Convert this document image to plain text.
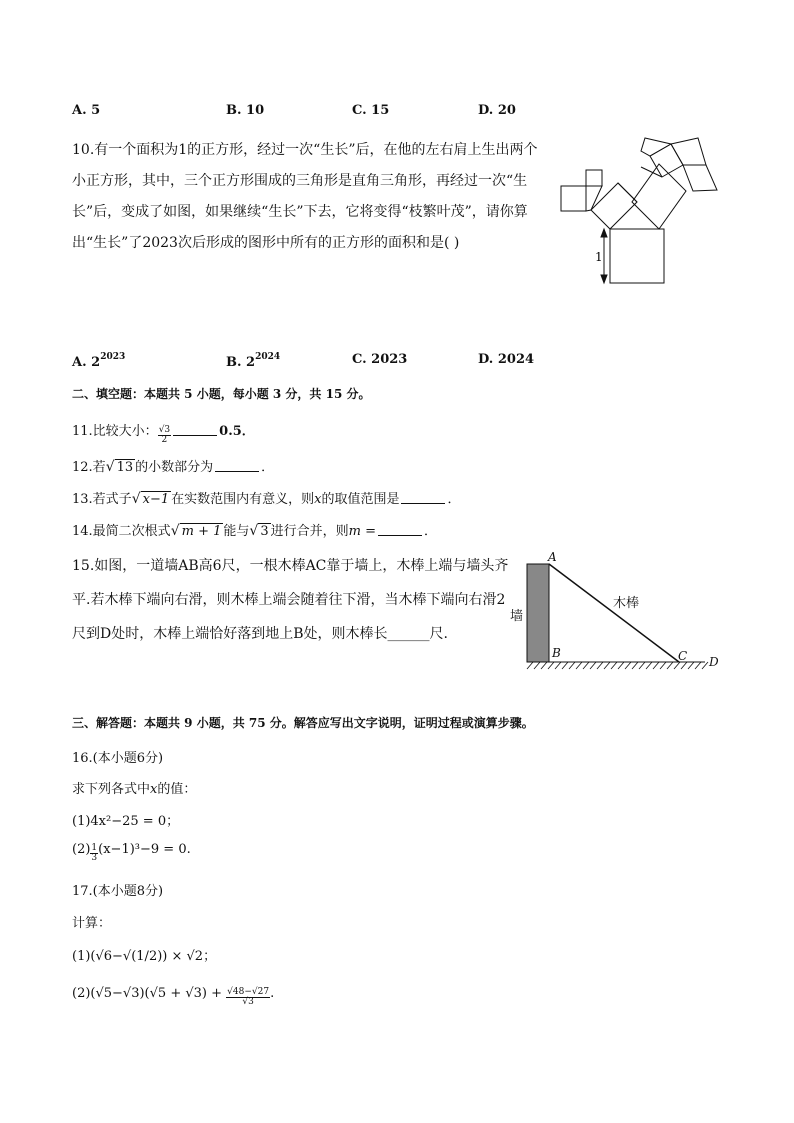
A. 5	B. 10	C. 15	D. 20
10.有一个面积为1的正方形，经过一次“生长”后，在他的左右肩上生出两个小正方形，其中，三个正方形围成的三角形是直角三角形，再经过一次“生长”后，变成了如图，如果继续“生长”下去，它将变得“枝繁叶茂”，请你算出“生长”了2023次后形成的图形中所有的正方形的面积和是( )
1
A. $2^{2023}$	B. $2^{2024}$	C. 2023	D. 2024
二、填空题：本题共 5 小题，每小题 3 分，共 15 分。
11.比较大小： $\frac{√3}{2}$	0.5．
12.若√ 13 的小数部分为	．
13.若式子√ x−1 在实数范围内有意义，则x的取值范围是	．
14.最简二次根式√ m + 1 能与√ 3 进行合并，则m =	．
15.如图，一道墙AB高6尺，一根木棒AC靠于墙上，木棒上端与墙头齐平.若木棒下端向右滑，则木棒上端会随着往下滑，当木棒下端向右滑2尺到D处时，木棒上端恰好落到地上B处，则木棒长______尺.
A
B	C D
墙
木棒
三、解答题：本题共 9 小题，共 75 分。解答应写出文字说明，证明过程或演算步骤。
16.(本小题6分)
求下列各式中x的值：
(1)4x²−25 = 0；
$(2) \frac{1}{3} (x-1)^3-9 = 0$.
17.(本小题8分)
计算：
(1)(√6−√(1/2)) × √2；
$(2)(√5-√3)(√5 + √3) + \frac{√48-√27}{√3}$ .
